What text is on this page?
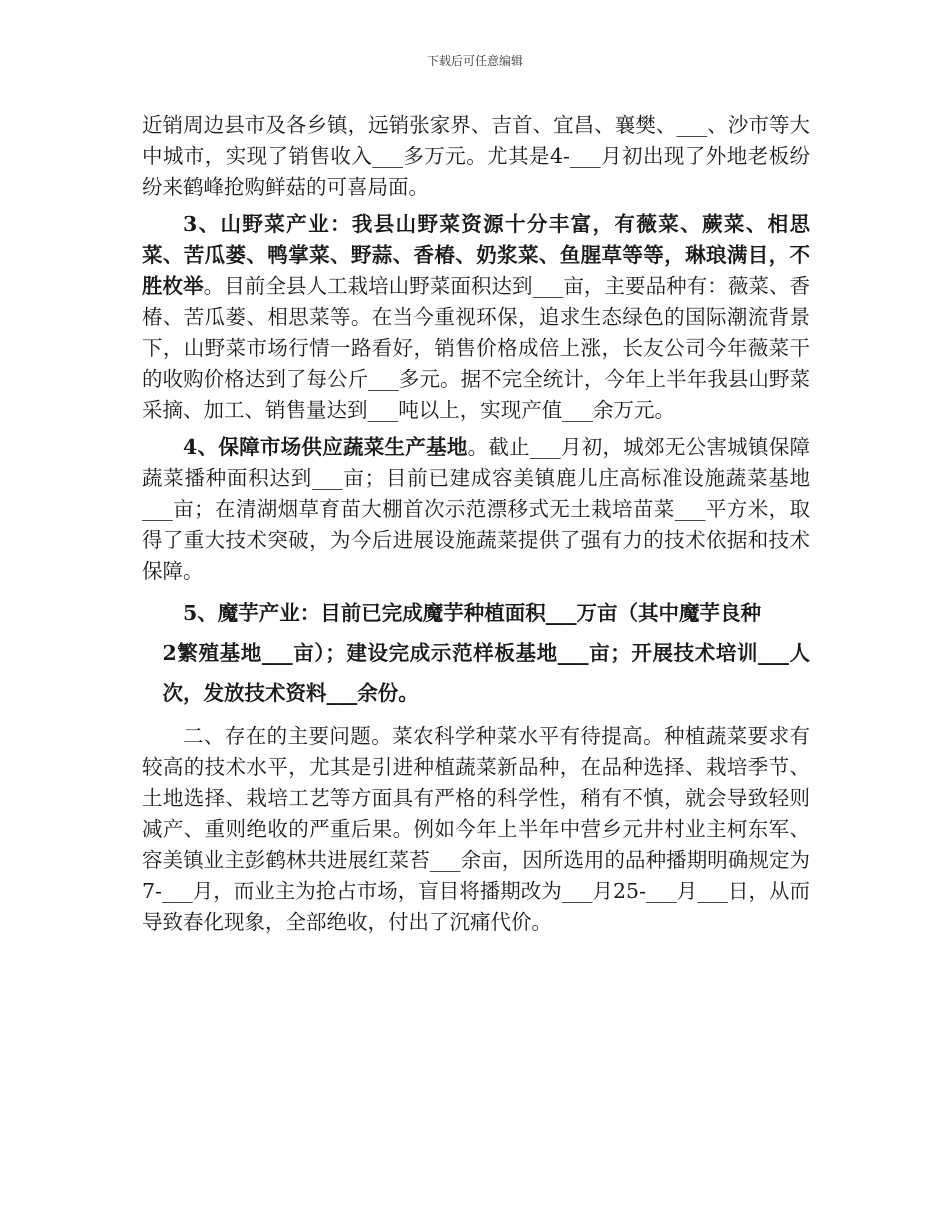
下载后可任意编辑

近销周边县市及各乡镇，远销张家界、吉首、宜昌、襄樊、___、沙市等大中城市，实现了销售收入___多万元。尤其是4-___月初出现了外地老板纷纷来鹤峰抢购鲜菇的可喜局面。

3、山野菜产业：我县山野菜资源十分丰富，有薇菜、蕨菜、相思菜、苦瓜蒌、鸭掌菜、野蒜、香椿、奶浆菜、鱼腥草等等，琳琅满目，不胜枚举。目前全县人工栽培山野菜面积达到___亩，主要品种有：薇菜、香椿、苦瓜蒌、相思菜等。在当今重视环保，追求生态绿色的国际潮流背景下，山野菜市场行情一路看好，销售价格成倍上涨，长友公司今年薇菜干的收购价格达到了每公斤___多元。据不完全统计，今年上半年我县山野菜采摘、加工、销售量达到___吨以上，实现产值___余万元。

4、保障市场供应蔬菜生产基地。截止___月初，城郊无公害城镇保障蔬菜播种面积达到___亩；目前已建成容美镇鹿儿庄高标准设施蔬菜基地___亩；在清湖烟草育苗大棚首次示范漂移式无土栽培苗菜___平方米，取得了重大技术突破，为今后进展设施蔬菜提供了强有力的技术依据和技术保障。

5、魔芋产业：目前已完成魔芋种植面积___万亩（其中魔芋良种
2繁殖基地___亩）；建设完成示范样板基地___亩；开展技术培训___人次，发放技术资料___余份。

二、存在的主要问题。菜农科学种菜水平有待提高。种植蔬菜要求有较高的技术水平，尤其是引进种植蔬菜新品种，在品种选择、栽培季节、土地选择、栽培工艺等方面具有严格的科学性，稍有不慎，就会导致轻则减产、重则绝收的严重后果。例如今年上半年中营乡元井村业主柯东军、容美镇业主彭鹤林共进展红菜苔___余亩，因所选用的品种播期明确规定为7-___月，而业主为抢占市场，盲目将播期改为___月25-___月___日，从而导致春化现象，全部绝收，付出了沉痛代价。
